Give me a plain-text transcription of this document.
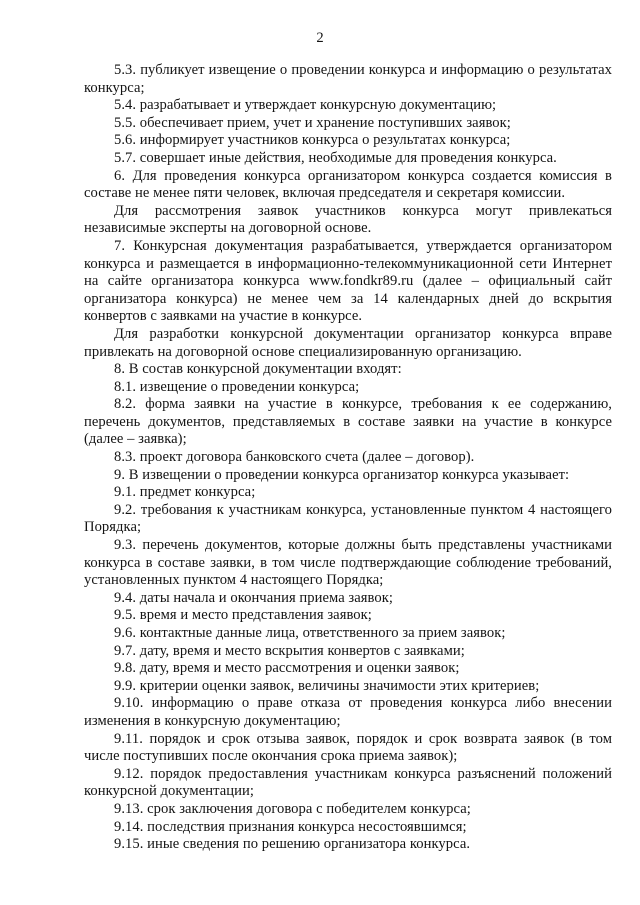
2

5.3. публикует извещение о проведении конкурса и информацию о результатах конкурса;

5.4. разрабатывает и утверждает конкурсную документацию;

5.5. обеспечивает прием, учет и хранение поступивших заявок;

5.6. информирует участников конкурса о результатах конкурса;

5.7. совершает иные действия, необходимые для проведения конкурса.

6. Для проведения конкурса организатором конкурса создается комиссия в составе не менее пяти человек, включая председателя и секретаря комиссии.

Для рассмотрения заявок участников конкурса могут привлекаться независимые эксперты на договорной основе.

7. Конкурсная документация разрабатывается, утверждается организатором конкурса и размещается в информационно-телекоммуникационной сети Интернет на сайте организатора конкурса www.fondkr89.ru (далее – официальный сайт организатора конкурса) не менее чем за 14 календарных дней до вскрытия конвертов с заявками на участие в конкурсе.

Для разработки конкурсной документации организатор конкурса вправе привлекать на договорной основе специализированную организацию.

8. В состав конкурсной документации входят:

8.1. извещение о проведении конкурса;

8.2. форма заявки на участие в конкурсе, требования к ее содержанию, перечень документов, представляемых в составе заявки на участие в конкурсе (далее – заявка);

8.3. проект договора банковского счета (далее – договор).

9. В извещении о проведении конкурса организатор конкурса указывает:

9.1. предмет конкурса;

9.2. требования к участникам конкурса, установленные пунктом 4 настоящего Порядка;

9.3. перечень документов, которые должны быть представлены участниками конкурса в составе заявки, в том числе подтверждающие соблюдение требований, установленных пунктом 4 настоящего Порядка;

9.4. даты начала и окончания приема заявок;

9.5. время и место представления заявок;

9.6. контактные данные лица, ответственного за прием заявок;

9.7. дату, время и место вскрытия конвертов с заявками;

9.8. дату, время и место рассмотрения и оценки заявок;

9.9. критерии оценки заявок, величины значимости этих критериев;

9.10. информацию о праве отказа от проведения конкурса либо внесении изменения в конкурсную документацию;

9.11. порядок и срок отзыва заявок, порядок и срок возврата заявок (в том числе поступивших после окончания срока приема заявок);

9.12. порядок предоставления участникам конкурса разъяснений положений конкурсной документации;

9.13. срок заключения договора с победителем конкурса;

9.14. последствия признания конкурса несостоявшимся;

9.15. иные сведения по решению организатора конкурса.
